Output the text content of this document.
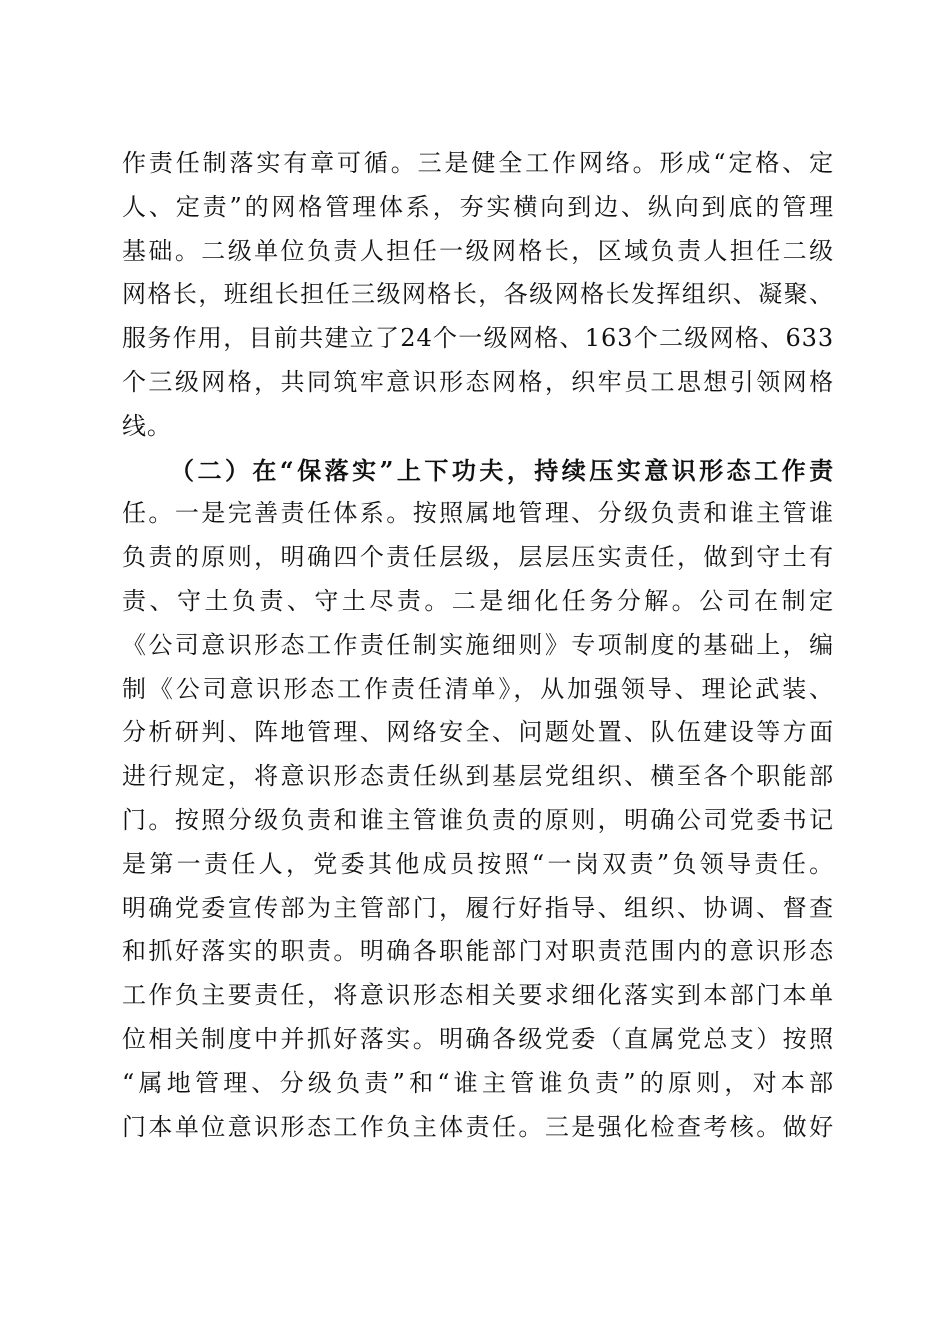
作责任制落实有章可循。三是健全工作网络。形成“定格、定
人、定责”的网格管理体系，夯实横向到边、纵向到底的管理
基础。二级单位负责人担任一级网格长，区域负责人担任二级
网格长，班组长担任三级网格长，各级网格长发挥组织、凝聚、
服务作用，目前共建立了24个一级网格、163个二级网格、633
个三级网格，共同筑牢意识形态网格，织牢员工思想引领网格
线。
（二）在“保落实”上下功夫，持续压实意识形态工作责
任。一是完善责任体系。按照属地管理、分级负责和谁主管谁
负责的原则，明确四个责任层级，层层压实责任，做到守土有
责、守土负责、守土尽责。二是细化任务分解。公司在制定
《公司意识形态工作责任制实施细则》专项制度的基础上，编
制《公司意识形态工作责任清单》，从加强领导、理论武装、
分析研判、阵地管理、网络安全、问题处置、队伍建设等方面
进行规定，将意识形态责任纵到基层党组织、横至各个职能部
门。按照分级负责和谁主管谁负责的原则，明确公司党委书记
是第一责任人，党委其他成员按照“一岗双责”负领导责任。
明确党委宣传部为主管部门，履行好指导、组织、协调、督查
和抓好落实的职责。明确各职能部门对职责范围内的意识形态
工作负主要责任，将意识形态相关要求细化落实到本部门本单
位相关制度中并抓好落实。明确各级党委（直属党总支）按照
“属地管理、分级负责”和“谁主管谁负责”的原则，对本部
门本单位意识形态工作负主体责任。三是强化检查考核。做好
